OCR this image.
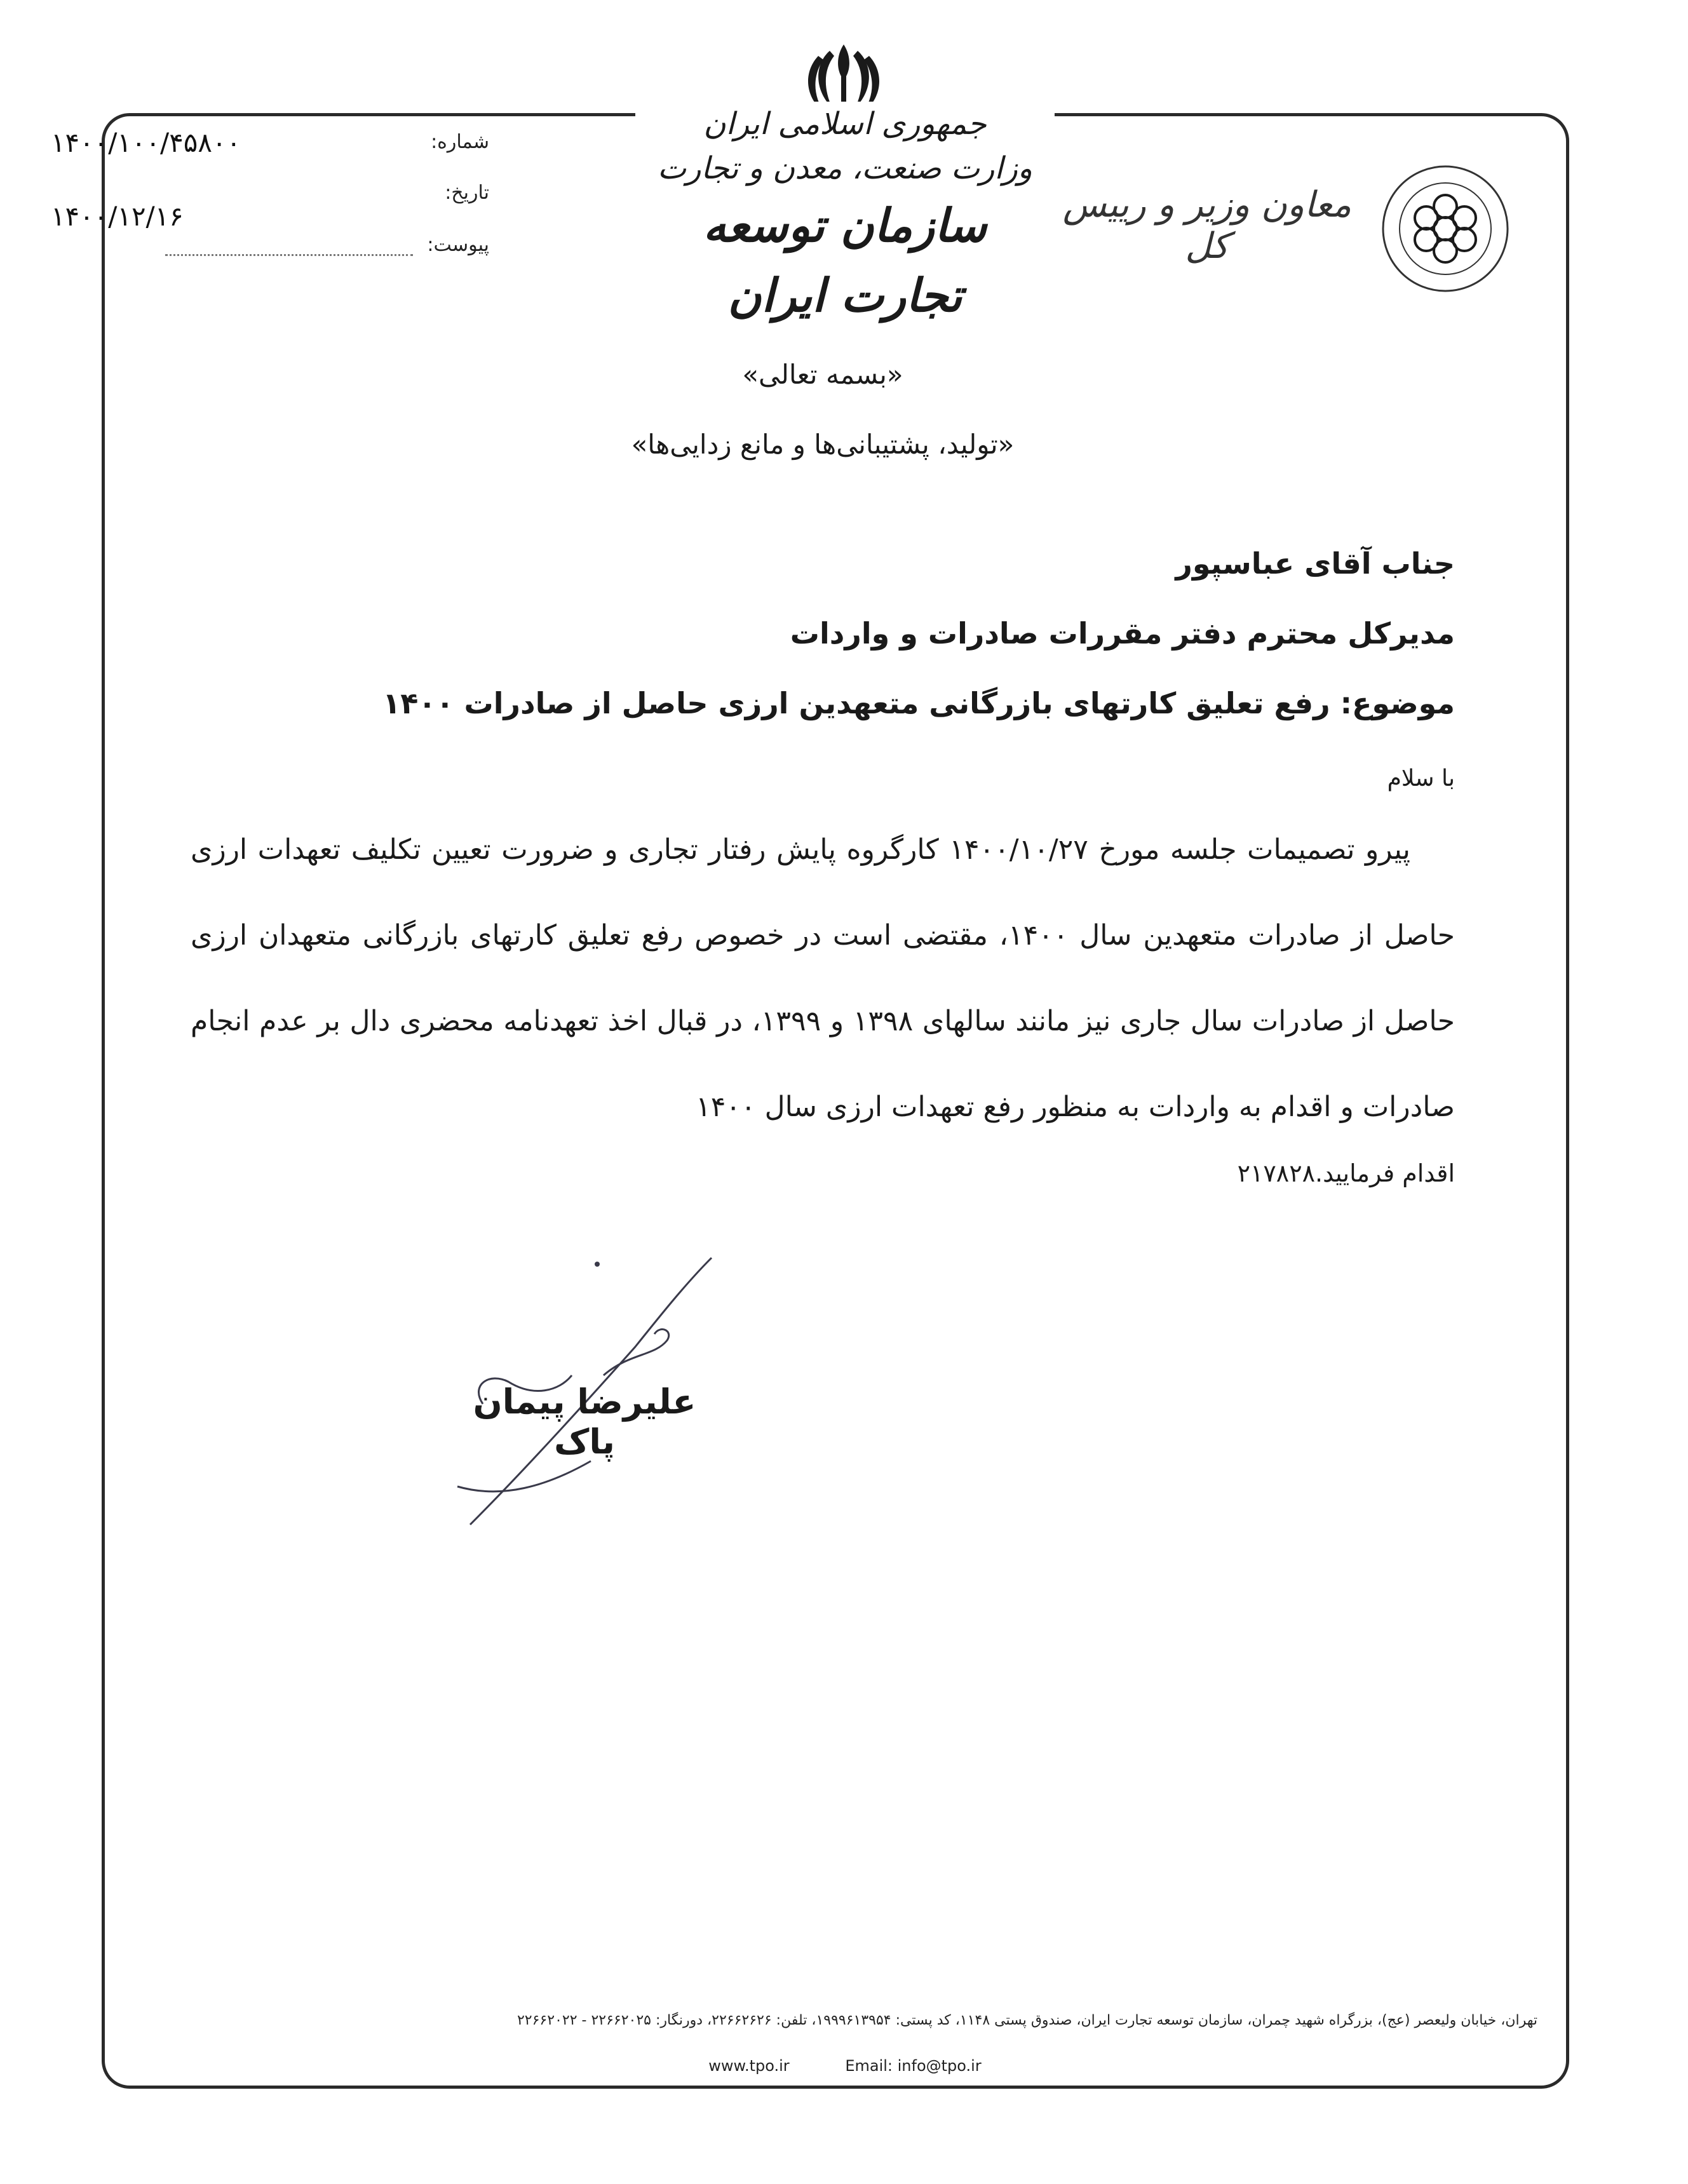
جمهوری اسلامی ایران
وزارت صنعت، معدن و تجارت
سازمان توسعه تجارت ایران
معاون وزیر و رییس کل
۱۴۰۰/۱۰۰/۴۵۸۰۰	شماره:
۱۴۰۰/۱۲/۱۶
تاریخ:
پیوست:
«بسمه تعالی»
«تولید، پشتیبانی‌ها و مانع زدایی‌ها»
جناب آقای عباسپور
مدیرکل محترم دفتر مقررات صادرات و واردات
موضوع: رفع تعلیق کارتهای بازرگانی متعهدین ارزی حاصل از صادرات ۱۴۰۰
با سلام
پیرو تصمیمات جلسه مورخ ۱۴۰۰/۱۰/۲۷ کارگروه پایش رفتار تجاری و ضرورت تعیین تکلیف تعهدات ارزی حاصل از صادرات متعهدین سال ۱۴۰۰، مقتضی است در خصوص رفع تعلیق کارتهای بازرگانی متعهدان ارزی حاصل از صادرات سال جاری نیز مانند سالهای ۱۳۹۸ و ۱۳۹۹، در قبال اخذ تعهدنامه محضری دال بر عدم انجام صادرات و اقدام به واردات به منظور رفع تعهدات ارزی سال ۱۴۰۰
اقدام فرمایید.۲۱۷۸۲۸
علیرضا پیمان پاک
تهران، خیابان ولیعصر (عج)، بزرگراه شهید چمران، سازمان توسعه تجارت ایران، صندوق پستی ۱۱۴۸، کد پستی: ۱۹۹۹۶۱۳۹۵۴، تلفن: ۲۲۶۶۲۶۲۶، دورنگار: ۲۲۶۶۲۰۲۵ - ۲۲۶۶۲۰۲۲
www.tpo.ir	Email: info@tpo.ir
